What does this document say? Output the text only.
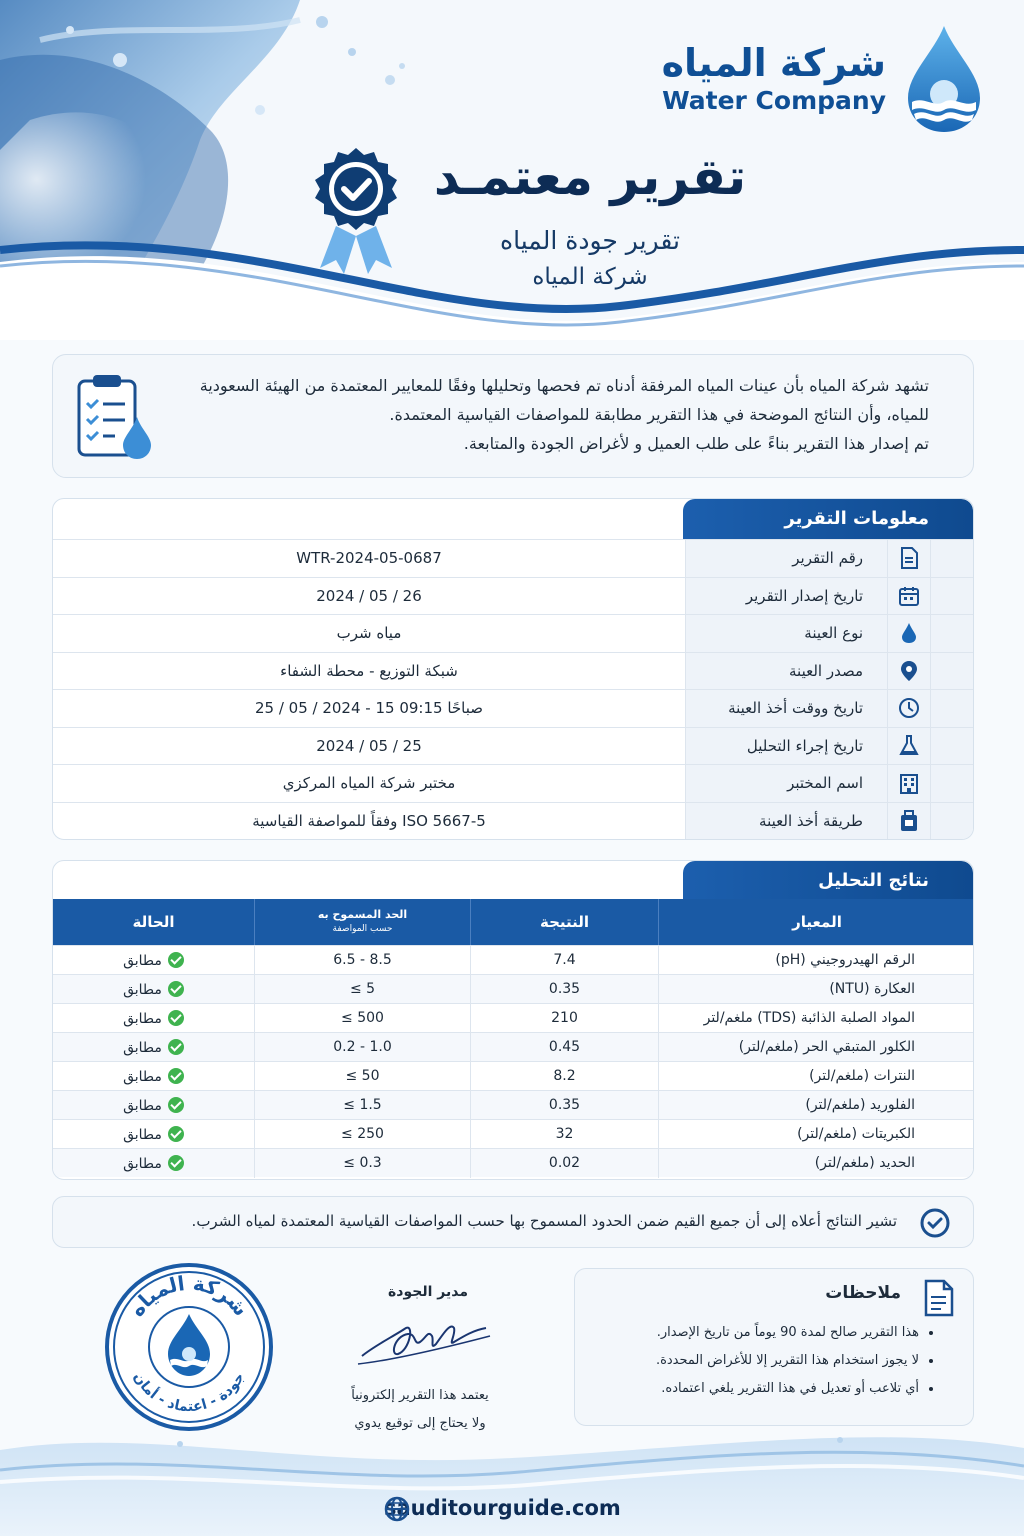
شركة المياه
Water Company
تقرير معتمـد
تقرير جودة المياه
شركة المياه

تشهد شركة المياه بأن عينات المياه المرفقة أدناه تم فحصها وتحليلها وفقًا للمعايير المعتمدة من الهيئة السعودية للمياه، وأن النتائج الموضحة في هذا التقرير مطابقة للمواصفات القياسية المعتمدة.

تم إصدار هذا التقرير بناءً على طلب العميل و لأغراض الجودة والمتابعة.

معلومات التقرير
رقم التقرير
WTR-2024-05-0687
تاريخ إصدار التقرير
2024 / 05 / 26
نوع العينة
مياه شرب
مصدر العينة
شبكة التوزيع - محطة الشفاء
تاريخ ووقت أخذ العينة
25 / 05 / 2024 - 15 09:15 صباحًا
تاريخ إجراء التحليل
2024 / 05 / 25
اسم المختبر
مختبر شركة المياه المركزي
طريقة أخذ العينة
وفقاً للمواصفة القياسية ISO 5667-5
نتائج التحليل
المعيار
النتيجة
الحد المسموح به
حسب المواصفة
الحالة
الرقم الهيدروجيني (pH)
7.4
6.5 - 8.5
مطابق
العكارة (NTU)
0.35
≤ 5
مطابق
المواد الصلبة الذائبة (TDS) ملغم/لتر
210
≤ 500
مطابق
الكلور المتبقي الحر (ملغم/لتر)
0.45
0.2 - 1.0
مطابق
النترات (ملغم/لتر)
8.2
≤ 50
مطابق
الفلوريد (ملغم/لتر)
0.35
≤ 1.5
مطابق
الكبريتات (ملغم/لتر)
32
≤ 250
مطابق
الحديد (ملغم/لتر)
0.02
≤ 0.3
مطابق
تشير النتائج أعلاه إلى أن جميع القيم ضمن الحدود المسموح بها حسب المواصفات القياسية المعتمدة لمياه الشرب.
شركة المياه
جودة - اعتماد - أمان
مدير الجودة
يعتمد هذا التقرير إلكترونياً
ولا يحتاج إلى توقيع يدوي
ملاحظات
• هذا التقرير صالح لمدة 90 يوماً من تاريخ الإصدار.
• لا يجوز استخدام هذا التقرير إلا للأغراض المحددة.
• أي تلاعب أو تعديل في هذا التقرير يلغي اعتماده.
sauditourguide.com
